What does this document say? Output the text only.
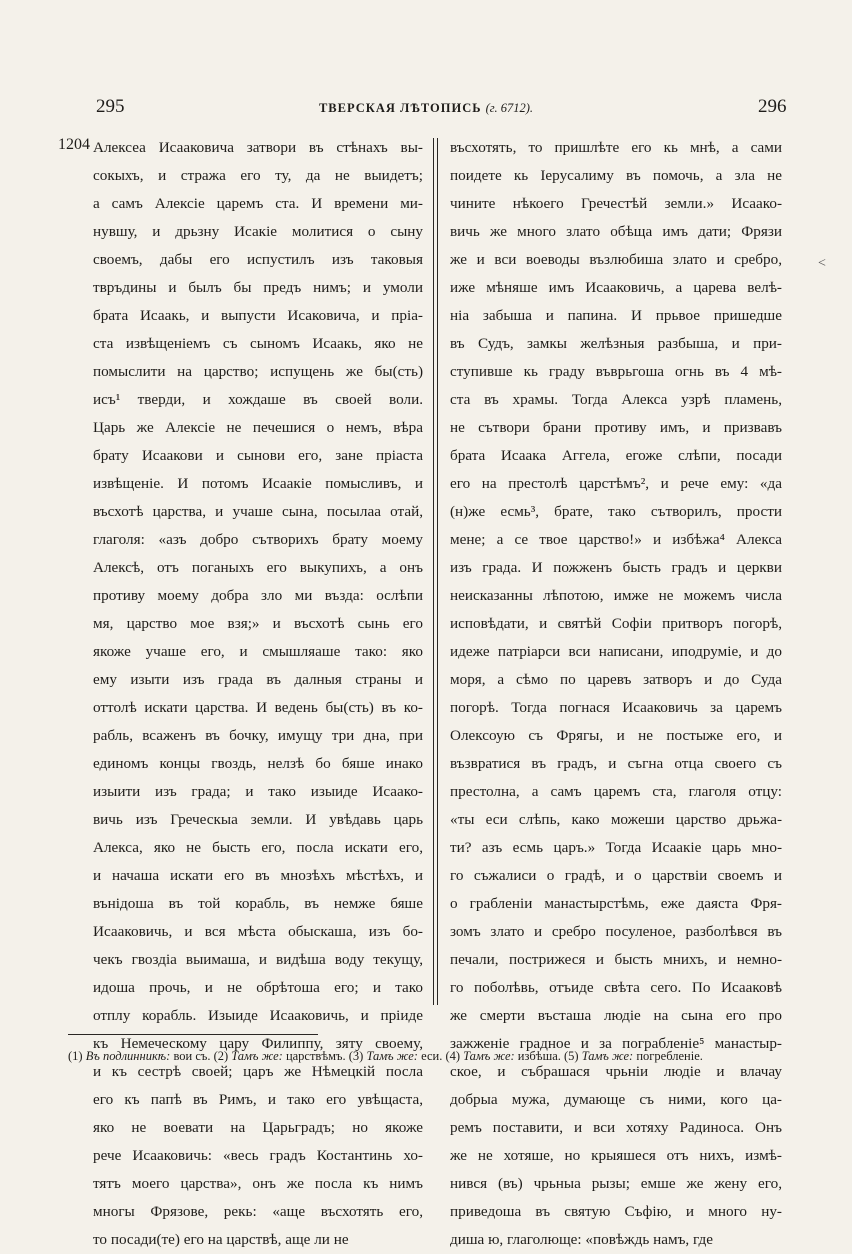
295	ТВЕРСКАЯ ЛѢТОПИСЬ (г. 6712).	296
1204 Алексеа Исааковича затвори въ стѣнахъ вы-
сокыхъ, и стража его ту, да не выидетъ;
а самъ Алексіе царемъ ста. И времени ми-
нувшу, и дрьзну Исакіе молитися о сыну
своемъ, дабы его испустилъ изъ таковыя
твръдины и былъ бы предъ нимъ; и умоли
брата Исаакь, и выпусти Исаковича, и пріа-
ста извѣщеніемъ съ сыномъ Исаакь, яко не
помыслити на царство; испущень же бы(сть)
исъ¹ тверди, и хождаше въ своей воли.
Царь же Алексіе не печешися о немъ, вѣра
брату Исаакови и сынови его, зане пріаста
извѣщеніе. И потомъ Исаакіе помысливъ, и
въсхотѣ царства, и учаше сына, посылаа отай,
глаголя: «азъ добро сътворихъ брату моему
Алексѣ, отъ поганыхъ его выкупихъ, а онъ
противу моему добра зло ми възда: ослѣпи
мя, царство мое взя;» и въсхотѣ сынь его
якоже учаше его, и смышляаше тако: яко
ему изыти изъ града въ далныя страны и
оттолѣ искати царства. И ведень бы(сть) въ ко-
рабль, всаженъ въ бочку, имущу три дна, при
единомъ концы гвоздь, нелзѣ бо бяше инако
изыити изъ града; и тако изыиде Исаако-
вичь изъ Греческыа земли. И увѣдавь царь
Алекса, яко не бысть его, посла искати его,
и начаша искати его въ мнозѣхъ мѣстѣхъ, и
вънідоша въ той корабль, въ немже бяше
Исааковичь, и вся мѣста обыскаша, изъ бо-
чекъ гвоздіа выимаша, и видѣша воду текущу,
идоша прочь, и не обрѣтоша его; и тако
отплу корабль. Изыиде Исааковичь, и пріиде
къ Немеческому цару Филиппу, зяту своему,
и къ сестрѣ своей; царъ же Нѣмецкій посла
его къ папѣ въ Римъ, и тако его увѣщаста,
яко не воевати на Царьградъ; но якоже
рече Исааковичь: «весь градъ Костантинь хо-
тятъ моего царства», онъ же посла къ нимъ
многы Фрязове, рекь: «аще въсхотять его,
то посади(те) его на царствѣ, аще ли не
въсхотять, то пришлѣте его кь мнѣ, а сами
поидете кь Іерусалиму въ помочь, а зла не
чините нѣкоего Гречестѣй земли.» Исаако-
вичь же много злато обѣща имъ дати; Фрязи
же и вси воеводы възлюбиша злато и сребро,
иже мѣняше имъ Исааковичь, а царева велѣ-
ніа забыша и папина. И прьвое пришедше
въ Судъ, замкы желѣзныя разбыша, и при-
ступивше кь граду въврьгоша огнь въ 4 мѣ-
ста въ храмы. Тогда Алекса узрѣ пламень,
не сътвори брани противу имъ, и призвавъ
брата Исаака Аггела, егоже слѣпи, посади
его на престолѣ царстѣмъ², и рече ему: «да
(н)же есмь³, брате, тако сътворилъ, прости
мене; а се твое царство!» и избѣжа⁴ Алекса
изъ града. И пожженъ бысть градъ и церкви
неисказанны лѣпотою, имже не можемъ числа
исповѣдати, и святѣй Софіи притворъ погорѣ,
идеже патріарси вси написани, иподруміе, и до
моря, а сѣмо по царевъ затворъ и до Суда
погорѣ. Тогда погнася Исааковичь за царемъ
Олексоую съ Фрягы, и не постыже его, и
възвратися въ градъ, и съгна отца своего съ
престолна, а самъ царемъ ста, глаголя отцу:
«ты еси слѣпь, како можеши царство дрьжа-
ти? азъ есмь царъ.» Тогда Исаакіе царь мно-
го съжалиси о градѣ, и о царствіи своемъ и
о грабленіи манастырстѣмь, еже даяста Фря-
зомъ злато и сребро посуленое, разболѣвся въ
печали, пострижеся и бысть мнихъ, и немно-
го поболѣвь, отъиде свѣта сего. По Исааковѣ
же смерти въсташа людіе на сына его про
зажженіе градное и за пограбленіе⁵ манастыр-
ское, и събрашася чрьніи людіе и влачау
добрыа мужа, думающе съ ними, кого ца-
ремъ поставити, и вси хотяху Радиноса. Онъ
же не хотяше, но крыяшеся отъ нихъ, измѣ-
нився (въ) чрьныа рызы; емше же жену его,
приведоша въ святую Съфію, и много ну-
диша ю, глаголюще: «повѣждь намъ, где
<
(1) Въ подлинникѣ: вои съ. (2) Тамъ же: царствѣмъ. (3) Тамъ же: еси. (4) Тамъ же: избѣша. (5) Тамъ же: погребленіе.
